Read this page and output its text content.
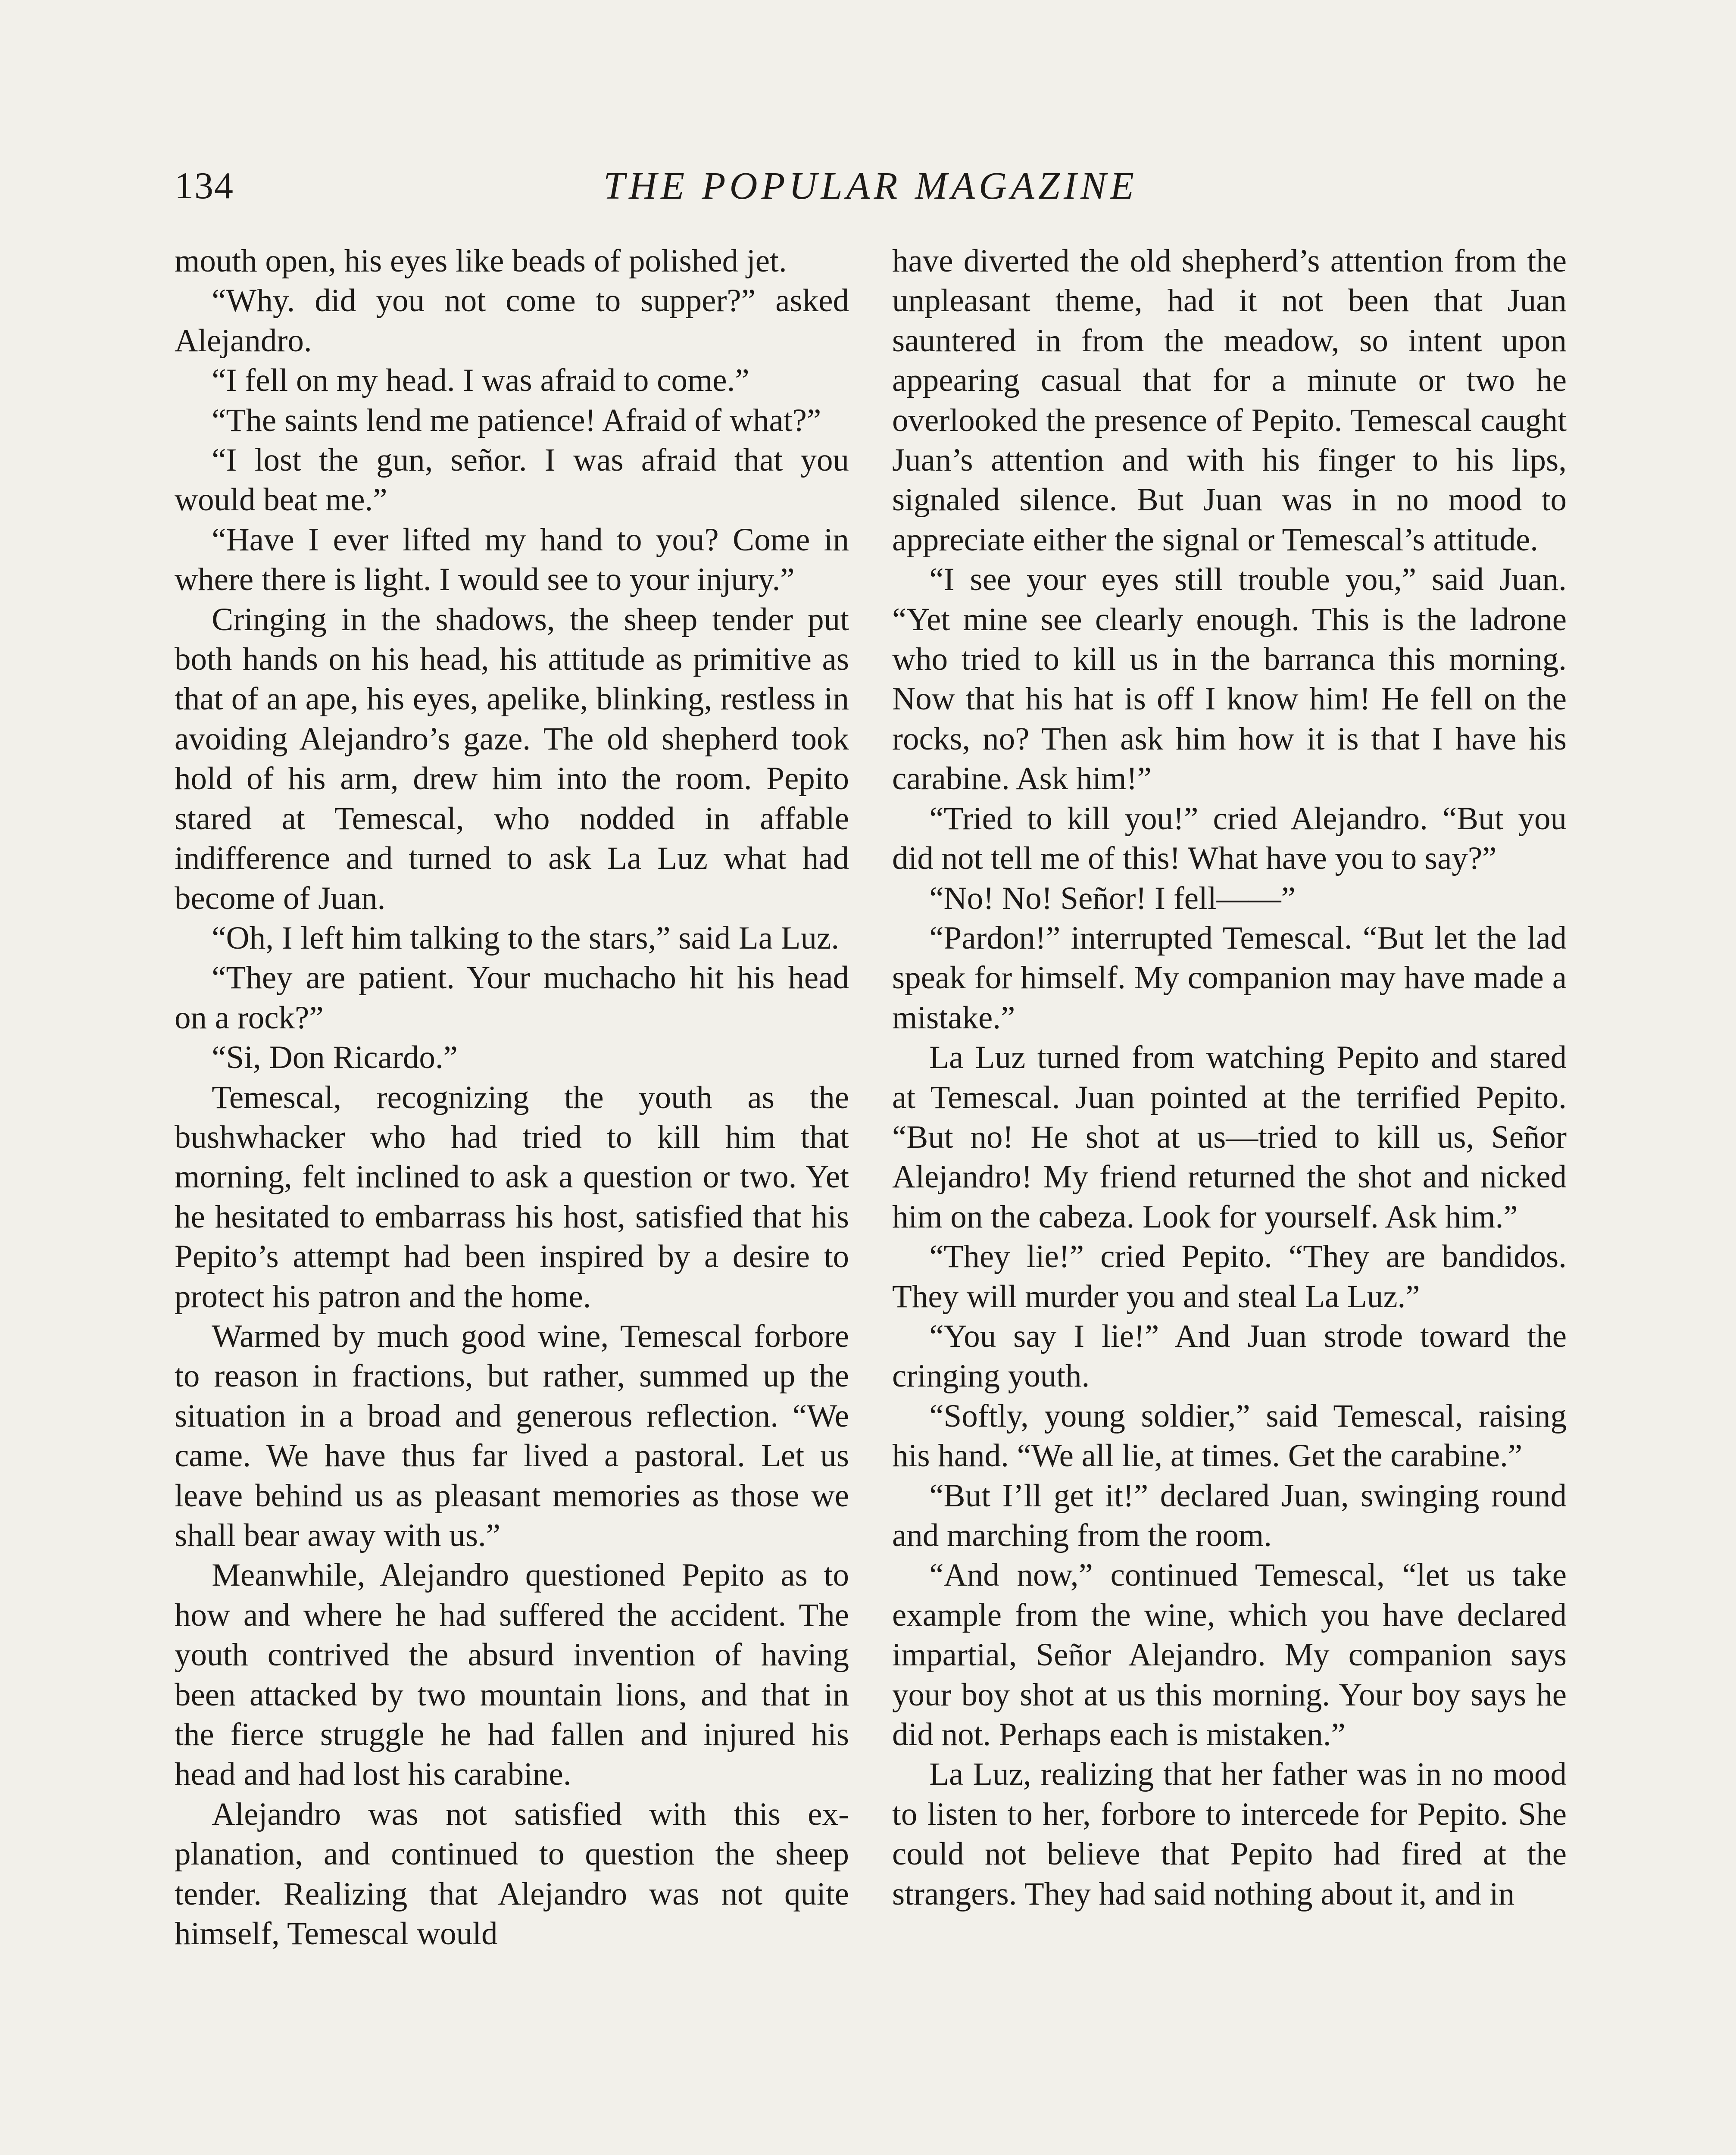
134	THE POPULAR MAGAZINE

mouth open, his eyes like beads of polished jet.

“Why. did you not come to supper?” asked Alejandro.

“I fell on my head. I was afraid to come.”

“The saints lend me patience! Afraid of what?”

“I lost the gun, señor. I was afraid that you would beat me.”

“Have I ever lifted my hand to you? Come in where there is light. I would see to your injury.”

Cringing in the shadows, the sheep tender put both hands on his head, his attitude as primitive as that of an ape, his eyes, apelike, blinking, restless in avoiding Alejandro’s gaze. The old shepherd took hold of his arm, drew him into the room. Pepito stared at Temescal, who nodded in affable indifference and turned to ask La Luz what had become of Juan.

“Oh, I left him talking to the stars,” said La Luz.

“They are patient. Your muchacho hit his head on a rock?”

“Si, Don Ricardo.”

Temescal, recognizing the youth as the bushwhacker who had tried to kill him that morning, felt inclined to ask a question or two. Yet he hesitated to embarrass his host, satisfied that his Pepito’s attempt had been inspired by a desire to protect his patron and the home.

Warmed by much good wine, Temescal forbore to reason in fractions, but rather, summed up the situation in a broad and generous reflection. “We came. We have thus far lived a pastoral. Let us leave behind us as pleasant memories as those we shall bear away with us.”

Meanwhile, Alejandro questioned Pepito as to how and where he had suffered the accident. The youth contrived the absurd invention of having been attacked by two mountain lions, and that in the fierce struggle he had fallen and injured his head and had lost his carabine.

Alejandro was not satisfied with this explanation, and continued to question the sheep tender. Realizing that Alejandro was not quite himself, Temescal would

have diverted the old shepherd’s attention from the unpleasant theme, had it not been that Juan sauntered in from the meadow, so intent upon appearing casual that for a minute or two he overlooked the presence of Pepito. Temescal caught Juan’s attention and with his finger to his lips, signaled silence. But Juan was in no mood to appreciate either the signal or Temescal’s attitude.

“I see your eyes still trouble you,” said Juan. “Yet mine see clearly enough. This is the ladrone who tried to kill us in the barranca this morning. Now that his hat is off I know him! He fell on the rocks, no? Then ask him how it is that I have his carabine. Ask him!”

“Tried to kill you!” cried Alejandro. “But you did not tell me of this! What have you to say?”

“No! No! Señor! I fell——”

“Pardon!” interrupted Temescal. “But let the lad speak for himself. My companion may have made a mistake.”

La Luz turned from watching Pepito and stared at Temescal. Juan pointed at the terrified Pepito. “But no! He shot at us—tried to kill us, Señor Alejandro! My friend returned the shot and nicked him on the cabeza. Look for yourself. Ask him.”

“They lie!” cried Pepito. “They are bandidos. They will murder you and steal La Luz.”

“You say I lie!” And Juan strode toward the cringing youth.

“Softly, young soldier,” said Temescal, raising his hand. “We all lie, at times. Get the carabine.”

“But I’ll get it!” declared Juan, swinging round and marching from the room.

“And now,” continued Temescal, “let us take example from the wine, which you have declared impartial, Señor Alejandro. My companion says your boy shot at us this morning. Your boy says he did not. Perhaps each is mistaken.”

La Luz, realizing that her father was in no mood to listen to her, forbore to intercede for Pepito. She could not believe that Pepito had fired at the strangers. They had said nothing about it, and in
